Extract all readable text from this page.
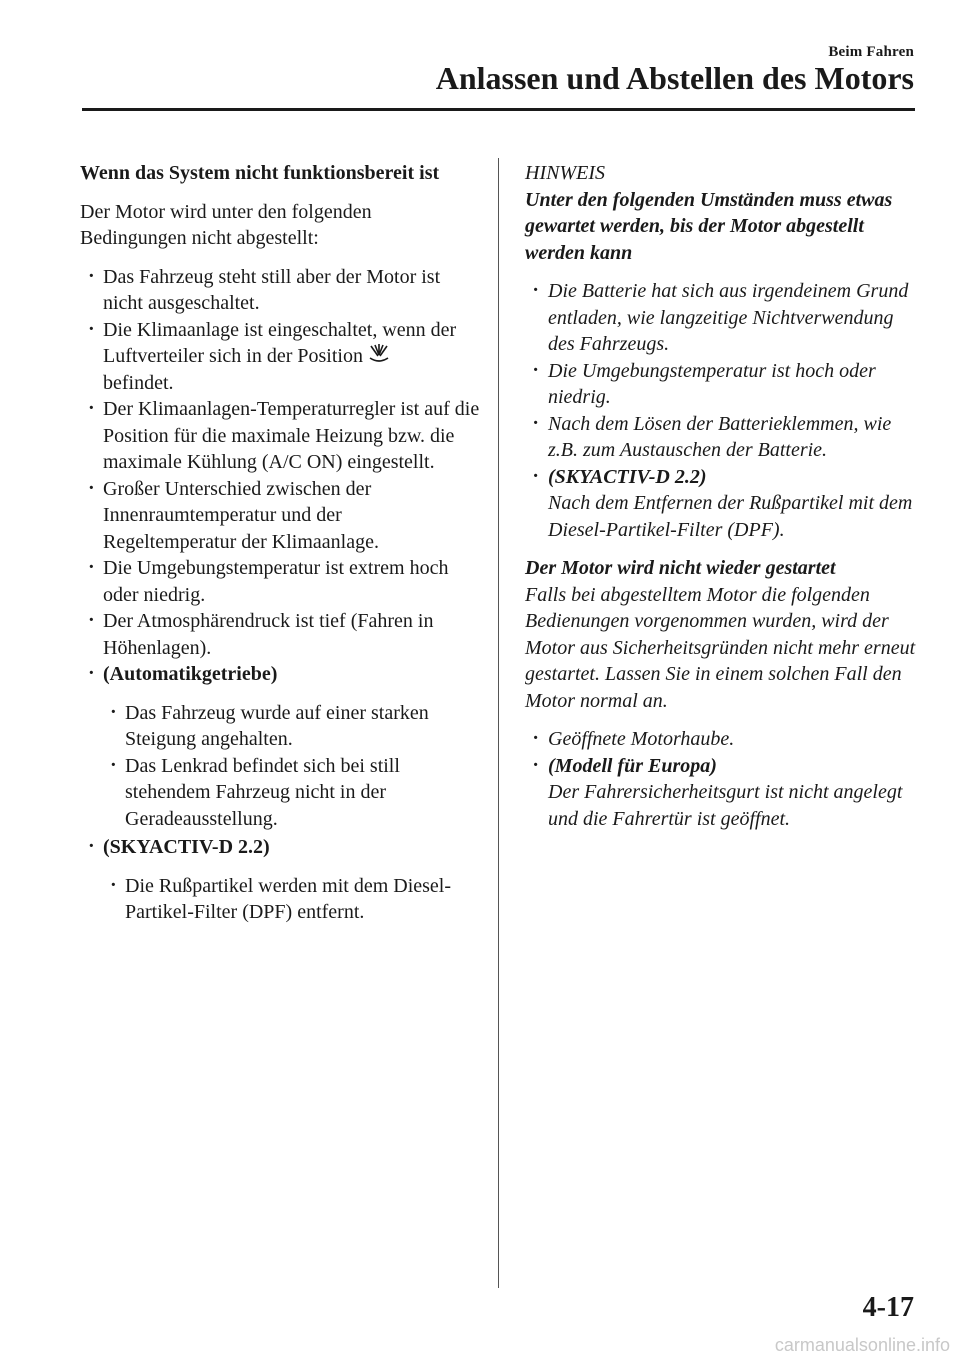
Beim Fahren
Anlassen und Abstellen des Motors

Wenn das System nicht funktionsbereit ist

Der Motor wird unter den folgenden Bedingungen nicht abgestellt:

· Das Fahrzeug steht still aber der Motor ist nicht ausgeschaltet.
· Die Klimaanlage ist eingeschaltet, wenn der Luftverteiler sich in der Position
befindet.
· Der Klimaanlagen-Temperaturregler ist auf die Position für die maximale Heizung bzw. die maximale Kühlung (A/C ON) eingestellt.
· Großer Unterschied zwischen der Innenraumtemperatur und der Regeltemperatur der Klimaanlage.
· Die Umgebungstemperatur ist extrem hoch oder niedrig.
· Der Atmosphärendruck ist tief (Fahren in Höhenlagen).
· (Automatikgetriebe)
· Das Fahrzeug wurde auf einer starken Steigung angehalten.
· Das Lenkrad befindet sich bei still stehendem Fahrzeug nicht in der Geradeausstellung.
· (SKYACTIV-D 2.2)
· Die Rußpartikel werden mit dem Diesel-Partikel-Filter (DPF) entfernt.

HINWEIS

Unter den folgenden Umständen muss etwas gewartet werden, bis der Motor abgestellt werden kann

· Die Batterie hat sich aus irgendeinem Grund entladen, wie langzeitige Nichtverwendung des Fahrzeugs.
· Die Umgebungstemperatur ist hoch oder niedrig.
· Nach dem Lösen der Batterieklemmen, wie z.B. zum Austauschen der Batterie.
· (SKYACTIV-D 2.2)
Nach dem Entfernen der Rußpartikel mit dem Diesel-Partikel-Filter (DPF).

Der Motor wird nicht wieder gestartet

Falls bei abgestelltem Motor die folgenden Bedienungen vorgenommen wurden, wird der Motor aus Sicherheitsgründen nicht mehr erneut gestartet. Lassen Sie in einem solchen Fall den Motor normal an.

· Geöffnete Motorhaube.
· (Modell für Europa)
Der Fahrersicherheitsgurt ist nicht angelegt und die Fahrertür ist geöffnet.
4-17
carmanualsonline.info
